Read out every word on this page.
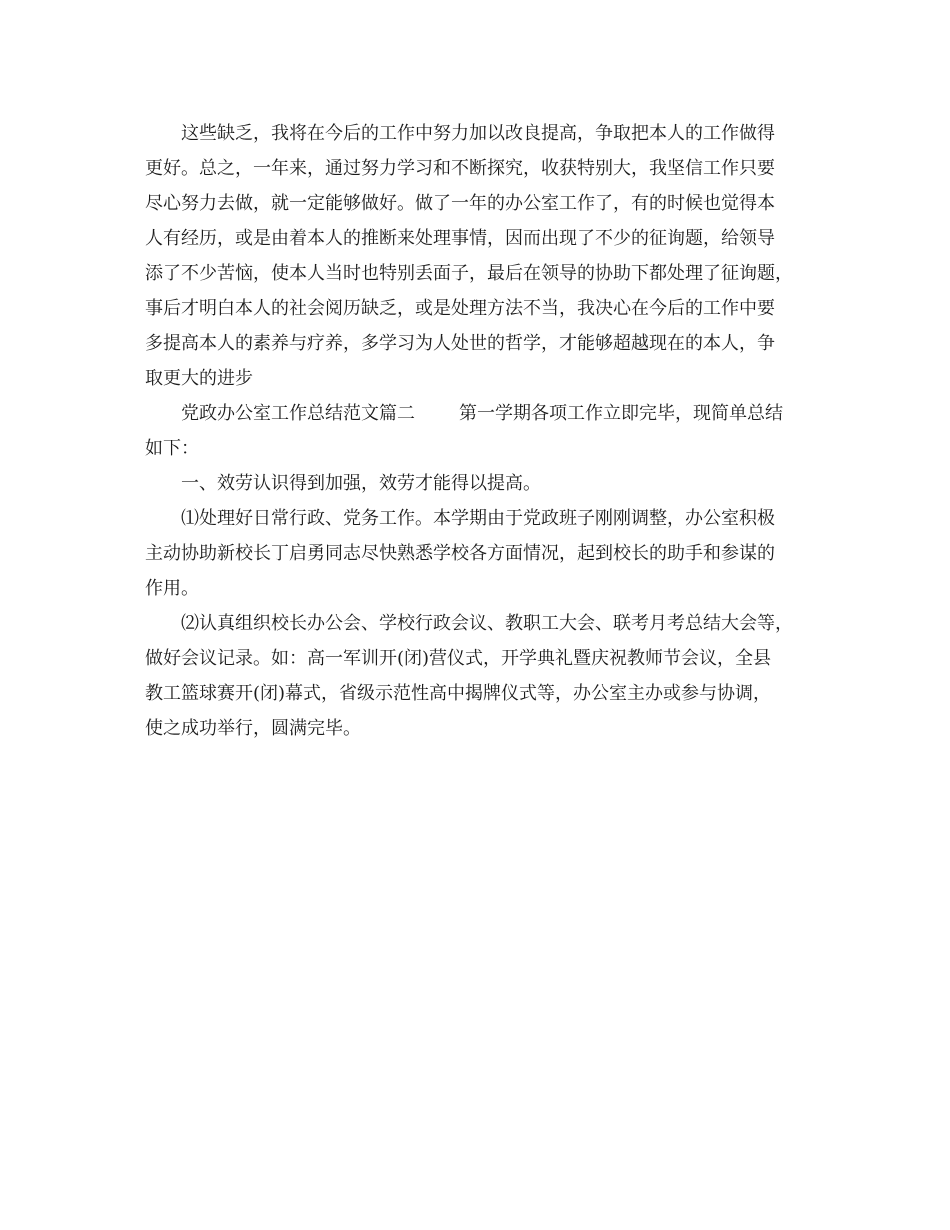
这些缺乏，我将在今后的工作中努力加以改良提高，争取把本人的工作做得
更好。总之，一年来，通过努力学习和不断探究，收获特别大，我坚信工作只要
尽心努力去做，就一定能够做好。做了一年的办公室工作了，有的时候也觉得本
人有经历，或是由着本人的推断来处理事情，因而出现了不少的征询题，给领导
添了不少苦恼，使本人当时也特别丢面子，最后在领导的协助下都处理了征询题，
事后才明白本人的社会阅历缺乏，或是处理方法不当，我决心在今后的工作中要
多提高本人的素养与疗养，多学习为人处世的哲学，才能够超越现在的本人，争
取更大的进步
党政办公室工作总结范文篇二 第一学期各项工作立即完毕，现简单总结
如下：
一、效劳认识得到加强，效劳才能得以提高。
⑴处理好日常行政、党务工作。本学期由于党政班子刚刚调整，办公室积极
主动协助新校长丁启勇同志尽快熟悉学校各方面情况，起到校长的助手和参谋的
作用。
⑵认真组织校长办公会、学校行政会议、教职工大会、联考月考总结大会等，
做好会议记录。如：高一军训开(闭)营仪式，开学典礼暨庆祝教师节会议，全县
教工篮球赛开(闭)幕式，省级示范性高中揭牌仪式等，办公室主办或参与协调，
使之成功举行，圆满完毕。
